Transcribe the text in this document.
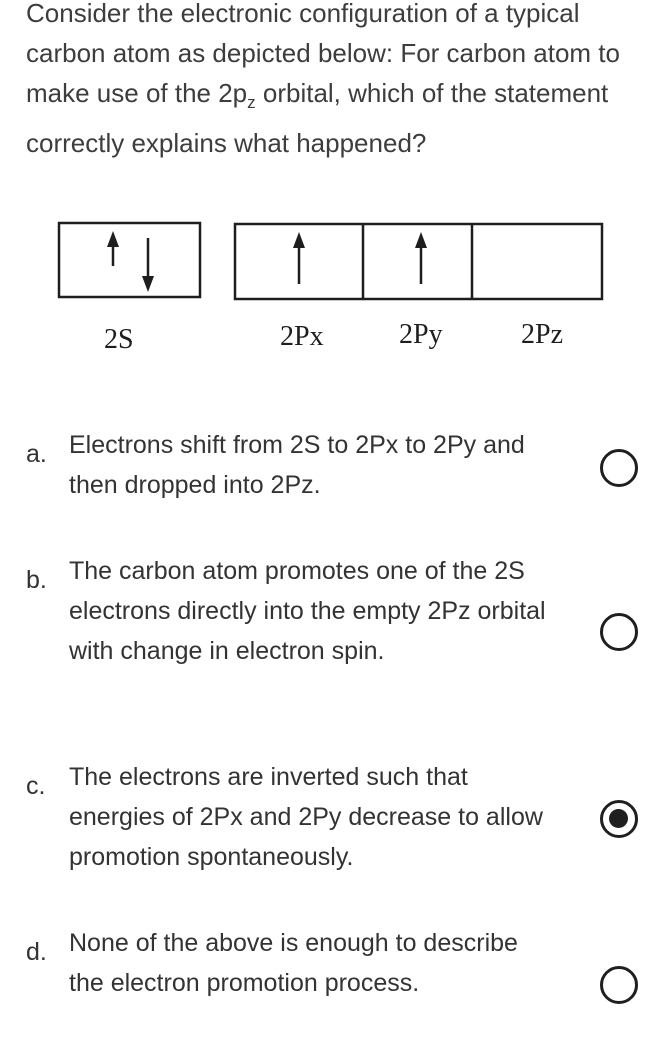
Consider the electronic configuration of a typical carbon atom as depicted below: For carbon atom to make use of the $2p_z$ orbital, which of the statement correctly explains what happened?

2S	2Px	2Py	2Pz
a. Electrons shift from 2S to 2Px to 2Py and then dropped into 2Pz.

b. The carbon atom promotes one of the 2S electrons directly into the empty 2Pz orbital with change in electron spin.

c. The electrons are inverted such that energies of 2Px and 2Py decrease to allow promotion spontaneously.

d. None of the above is enough to describe the electron promotion process.
